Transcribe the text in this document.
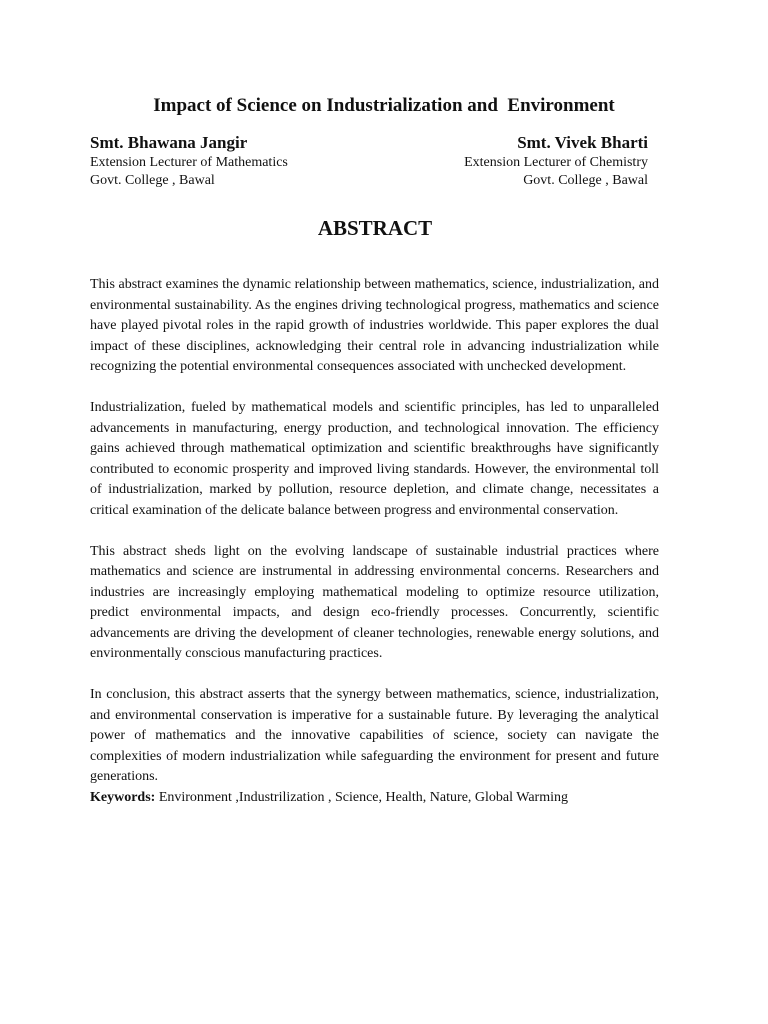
Impact of Science on Industrialization and  Environment
Smt. Bhawana Jangir
Extension Lecturer of Mathematics
Govt. College , Bawal
Smt. Vivek Bharti
Extension Lecturer of Chemistry
Govt. College , Bawal
ABSTRACT

This abstract examines the dynamic relationship between mathematics, science, industrialization, and environmental sustainability. As the engines driving technological progress, mathematics and science have played pivotal roles in the rapid growth of industries worldwide. This paper explores the dual impact of these disciplines, acknowledging their central role in advancing industrialization while recognizing the potential environmental consequences associated with unchecked development.

Industrialization, fueled by mathematical models and scientific principles, has led to unparalleled advancements in manufacturing, energy production, and technological innovation. The efficiency gains achieved through mathematical optimization and scientific breakthroughs have significantly contributed to economic prosperity and improved living standards. However, the environmental toll of industrialization, marked by pollution, resource depletion, and climate change, necessitates a critical examination of the delicate balance between progress and environmental conservation.

This abstract sheds light on the evolving landscape of sustainable industrial practices where mathematics and science are instrumental in addressing environmental concerns. Researchers and industries are increasingly employing mathematical modeling to optimize resource utilization, predict environmental impacts, and design eco-friendly processes. Concurrently, scientific advancements are driving the development of cleaner technologies, renewable energy solutions, and environmentally conscious manufacturing practices.

In conclusion, this abstract asserts that the synergy between mathematics, science, industrialization, and environmental conservation is imperative for a sustainable future. By leveraging the analytical power of mathematics and the innovative capabilities of science, society can navigate the complexities of modern industrialization while safeguarding the environment for present and future generations.

Keywords: Environment ,Industrilization , Science, Health, Nature, Global Warming
